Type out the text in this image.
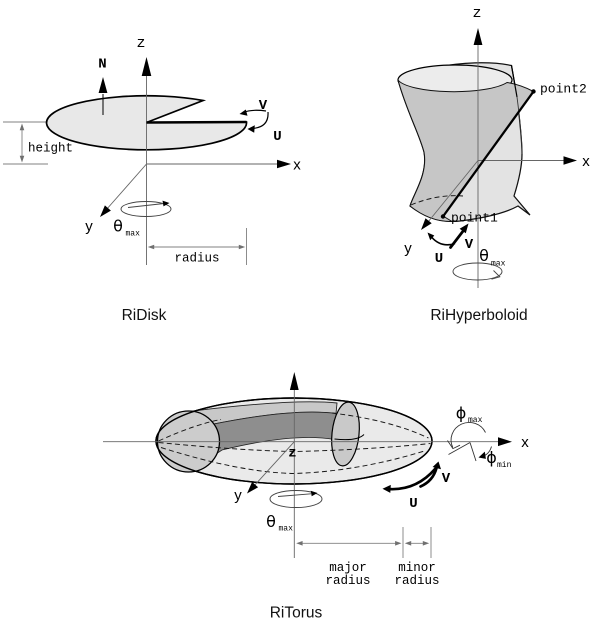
z
x
y
N
V
U
height
radius
θ max
RiDisk
z
x
y
point2
point1
V
U θ max
RiHyperboloid
z
x
y
V
U
θ max
ϕ max
ϕ min
major
radius
minor
radius
RiTorus
